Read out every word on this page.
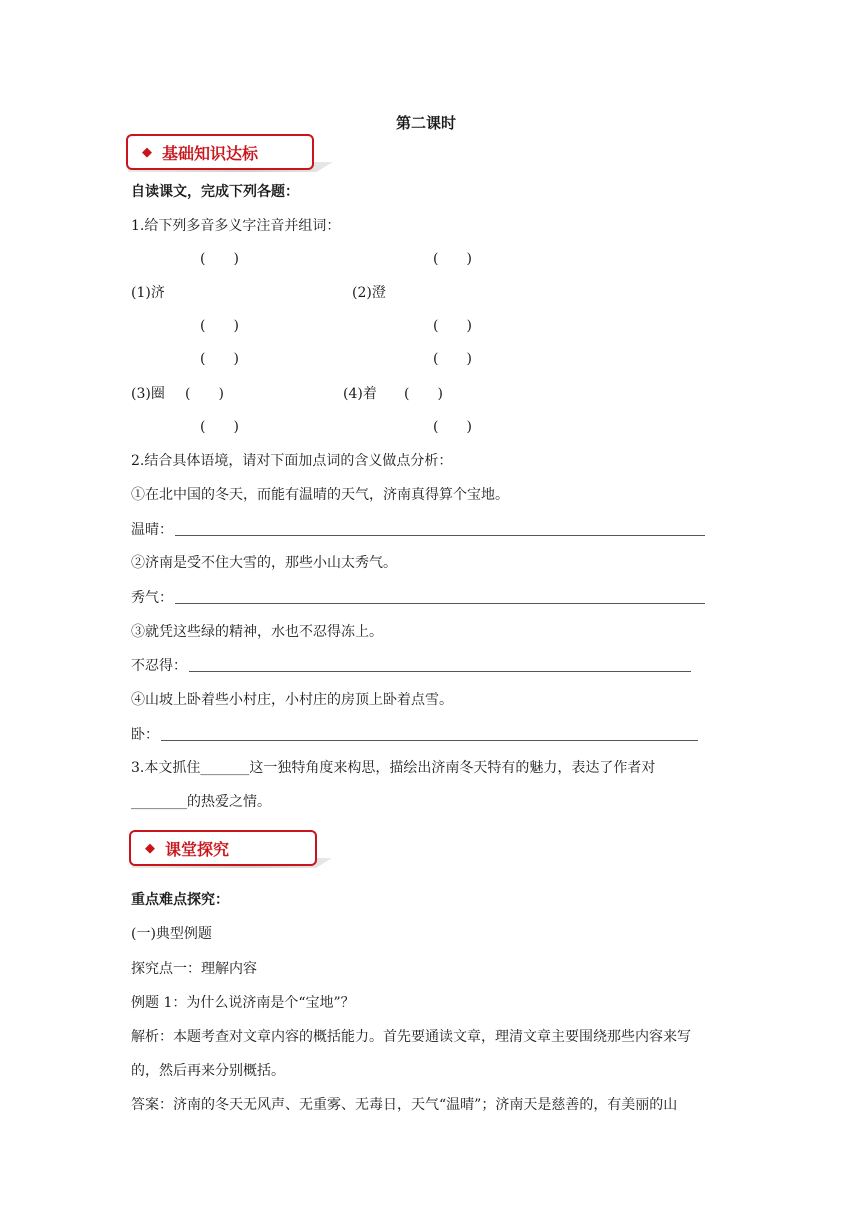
第二课时
◆ 基础知识达标
自读课文，完成下列各题：
1.给下列多音多义字注音并组词：
(　　)	(　　)
(1)济	(2)澄
(　　)	(　　)
(　　)	(　　)
(3)圈 (　　)	(4)着 (　　)
(　　)	(　　)
2.结合具体语境，请对下面加点词的含义做点分析：
①在北中国的冬天，而能有温晴的天气，济南真得算个宝地。
温晴：
②济南是受不住大雪的，那些小山太秀气。
秀气：
③就凭这些绿的精神，水也不忍得冻上。
不忍得：
④山坡上卧着些小村庄，小村庄的房顶上卧着点雪。
卧：
3.本文抓住_______这一独特角度来构思，描绘出济南冬天特有的魅力，表达了作者对
________的热爱之情。
◆ 课堂探究
重点难点探究：
(一)典型例题
探究点一：理解内容
例题 1：为什么说济南是个“宝地”？
解析：本题考查对文章内容的概括能力。首先要通读文章，理清文章主要围绕那些内容来写
的，然后再来分别概括。
答案：济南的冬天无风声、无重雾、无毒日，天气“温晴”；济南天是慈善的，有美丽的山
